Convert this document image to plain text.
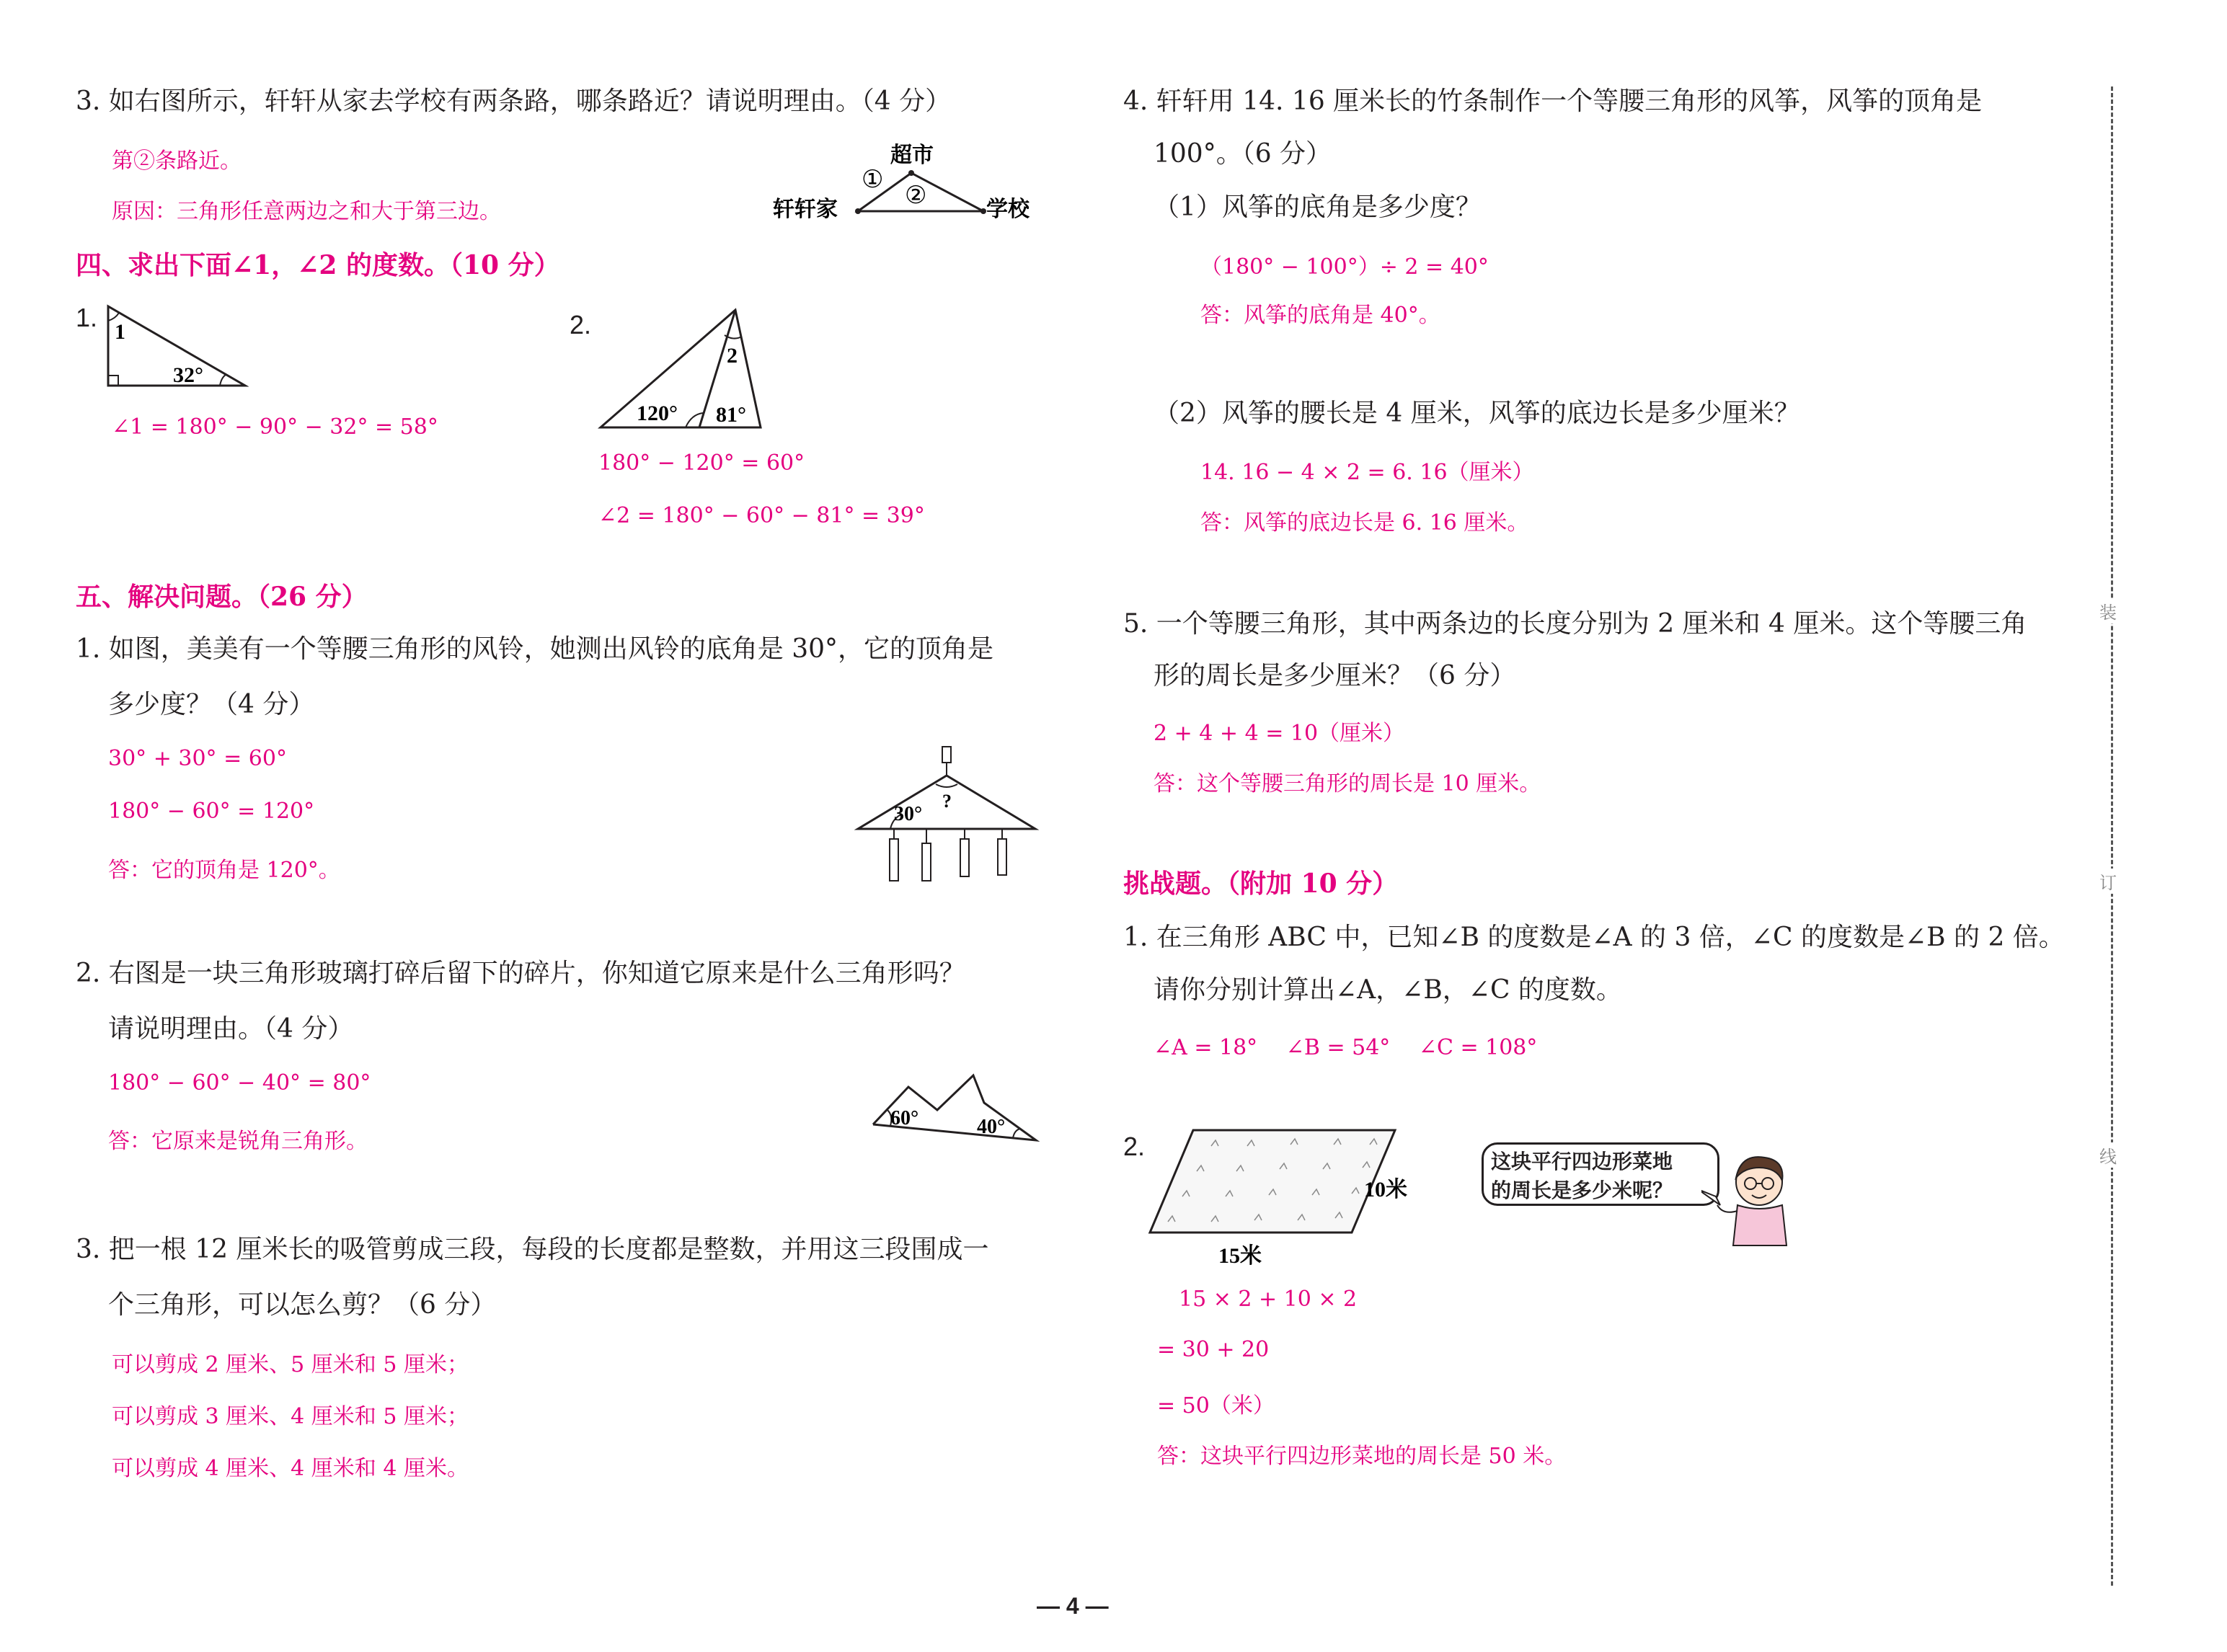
3. 如右图所示，轩轩从家去学校有两条路，哪条路近？请说明理由。（4 分）
第②条路近。
原因：三角形任意两边之和大于第三边。
超市
轩轩家	学校
①
②
四、求出下面∠1，∠2 的度数。（10 分）
1. 1
32°
∠1 = 180° − 90° − 32° = 58°
2.
2
120° 81°
180° − 120° = 60°
∠2 = 180° − 60° − 81° = 39°
五、解决问题。（26 分）
1. 如图，美美有一个等腰三角形的风铃，她测出风铃的底角是 30°，它的顶角是
多少度？（4 分）
30° + 30° = 60°
180° − 60° = 120°
答：它的顶角是 120°。
30°
?
2. 右图是一块三角形玻璃打碎后留下的碎片，你知道它原来是什么三角形吗？
请说明理由。（4 分）
180° − 60° − 40° = 80°
答：它原来是锐角三角形。
60°	40°
3. 把一根 12 厘米长的吸管剪成三段，每段的长度都是整数，并用这三段围成一
个三角形，可以怎么剪？（6 分）
可以剪成 2 厘米、5 厘米和 5 厘米；
可以剪成 3 厘米、4 厘米和 5 厘米；
可以剪成 4 厘米、4 厘米和 4 厘米。
4. 轩轩用 14. 16 厘米长的竹条制作一个等腰三角形的风筝，风筝的顶角是
100°。（6 分）
（1）风筝的底角是多少度？
（180° − 100°）÷ 2 = 40°
答：风筝的底角是 40°。
（2）风筝的腰长是 4 厘米，风筝的底边长是多少厘米？
14. 16 − 4 × 2 = 6. 16（厘米）
答：风筝的底边长是 6. 16 厘米。
5. 一个等腰三角形，其中两条边的长度分别为 2 厘米和 4 厘米。这个等腰三角
形的周长是多少厘米？（6 分）
2 + 4 + 4 = 10（厘米）
答：这个等腰三角形的周长是 10 厘米。
挑战题。（附加 10 分）
1. 在三角形 ABC 中，已知∠B 的度数是∠A 的 3 倍，∠C 的度数是∠B 的 2 倍。
请你分别计算出∠A，∠B，∠C 的度数。
∠A = 18°　 ∠B = 54°　 ∠C = 108°
2.
10米
15米
这块平行四边形菜地
的周长是多少米呢？
15 × 2 + 10 × 2
= 30 + 20
= 50（米）
答：这块平行四边形菜地的周长是 50 米。
装
订
线
— 4 —
